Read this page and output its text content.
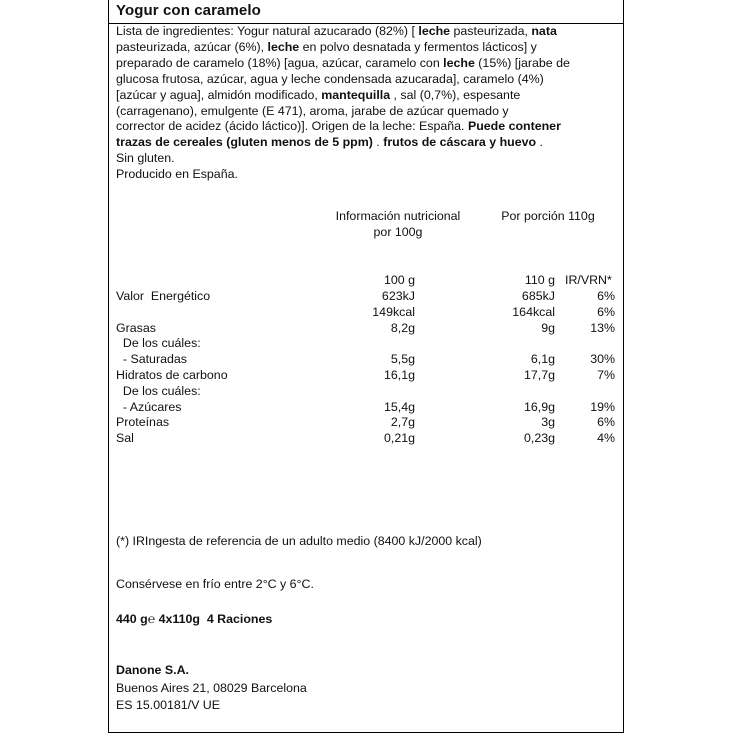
Yogur con caramelo

Lista de ingredientes: Yogur natural azucarado (82%) [ leche pasteurizada, nata

pasteurizada, azúcar (6%), leche en polvo desnatada y fermentos lácticos] y

preparado de caramelo (18%) [agua, azúcar, caramelo con leche (15%) [jarabe de

glucosa frutosa, azúcar, agua y leche condensada azucarada], caramelo (4%)

[azúcar y agua], almidón modificado, mantequilla , sal (0,7%), espesante

(carragenano), emulgente (E 471), aroma, jarabe de azúcar quemado y

corrector de acidez (ácido láctico)]. Origen de la leche: España. Puede contener

trazas de cereales (gluten menos de 5 ppm) . frutos de cáscara y huevo .

Sin gluten.

Producido en España.

Información nutricional
por 100g
Por porción 110g
100 g	110 g IR/VRN*
Valor  Energético	623kJ	685kJ	6%
149kcal	164kcal	6%
Grasas	8,2g	9g	13%
De los cuáles:
- Saturadas	5,5g	6,1g	30%
Hidratos de carbono	16,1g	17,7g	7%
De los cuáles:
- Azúcares	15,4g	16,9g	19%
Proteínas	2,7g	3g	6%
Sal	0,21g	0,23g	4%
(*) IRIngesta de referencia de un adulto medio (8400 kJ/2000 kcal)
Consérvese en frío entre 2°C y 6°C.
440 g℮ 4x110g 4 Raciones
Danone S.A.
Buenos Aires 21, 08029 Barcelona
ES 15.00181/V UE
